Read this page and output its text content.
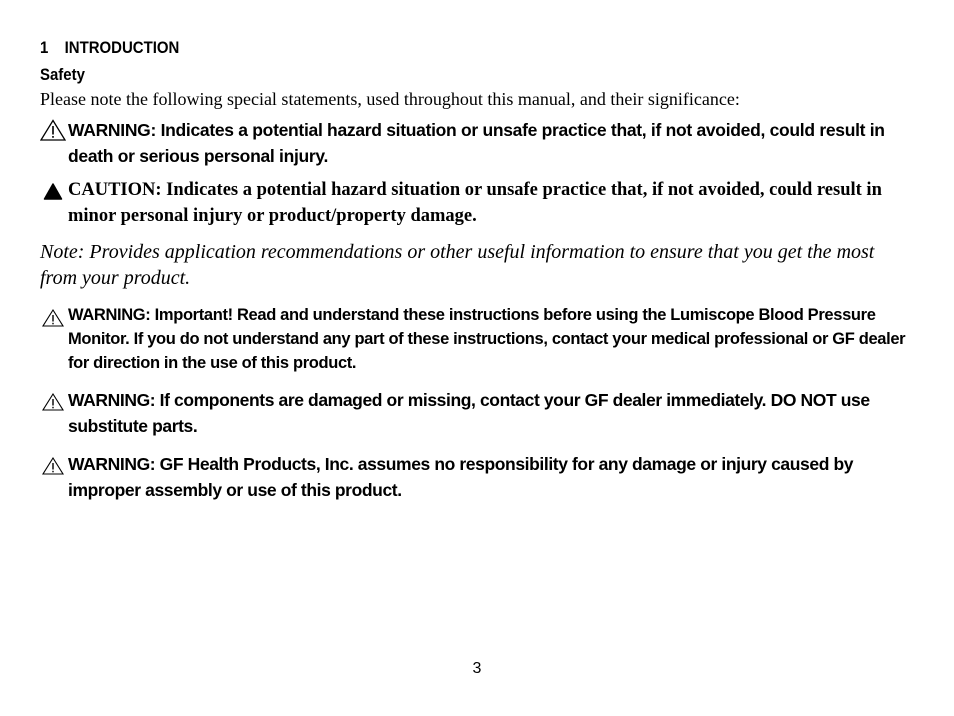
1 INTRODUCTION
Safety
Please note the following special statements, used throughout this manual, and their significance:
WARNING: Indicates a potential hazard situation or unsafe practice that, if not avoided, could result in death or serious personal injury.
CAUTION: Indicates a potential hazard situation or unsafe practice that, if not avoided, could result in minor personal injury or product/property damage.
Note: Provides application recommendations or other useful information to ensure that you get the most from your product.
WARNING: Important! Read and understand these instructions before using the Lumiscope Blood Pressure Monitor. If you do not understand any part of these instructions, contact your medical professional or GF dealer for direction in the use of this product.
WARNING: If components are damaged or missing, contact your GF dealer immediately. DO NOT use substitute parts.
WARNING: GF Health Products, Inc. assumes no responsibility for any damage or injury caused by improper assembly or use of this product.
3
